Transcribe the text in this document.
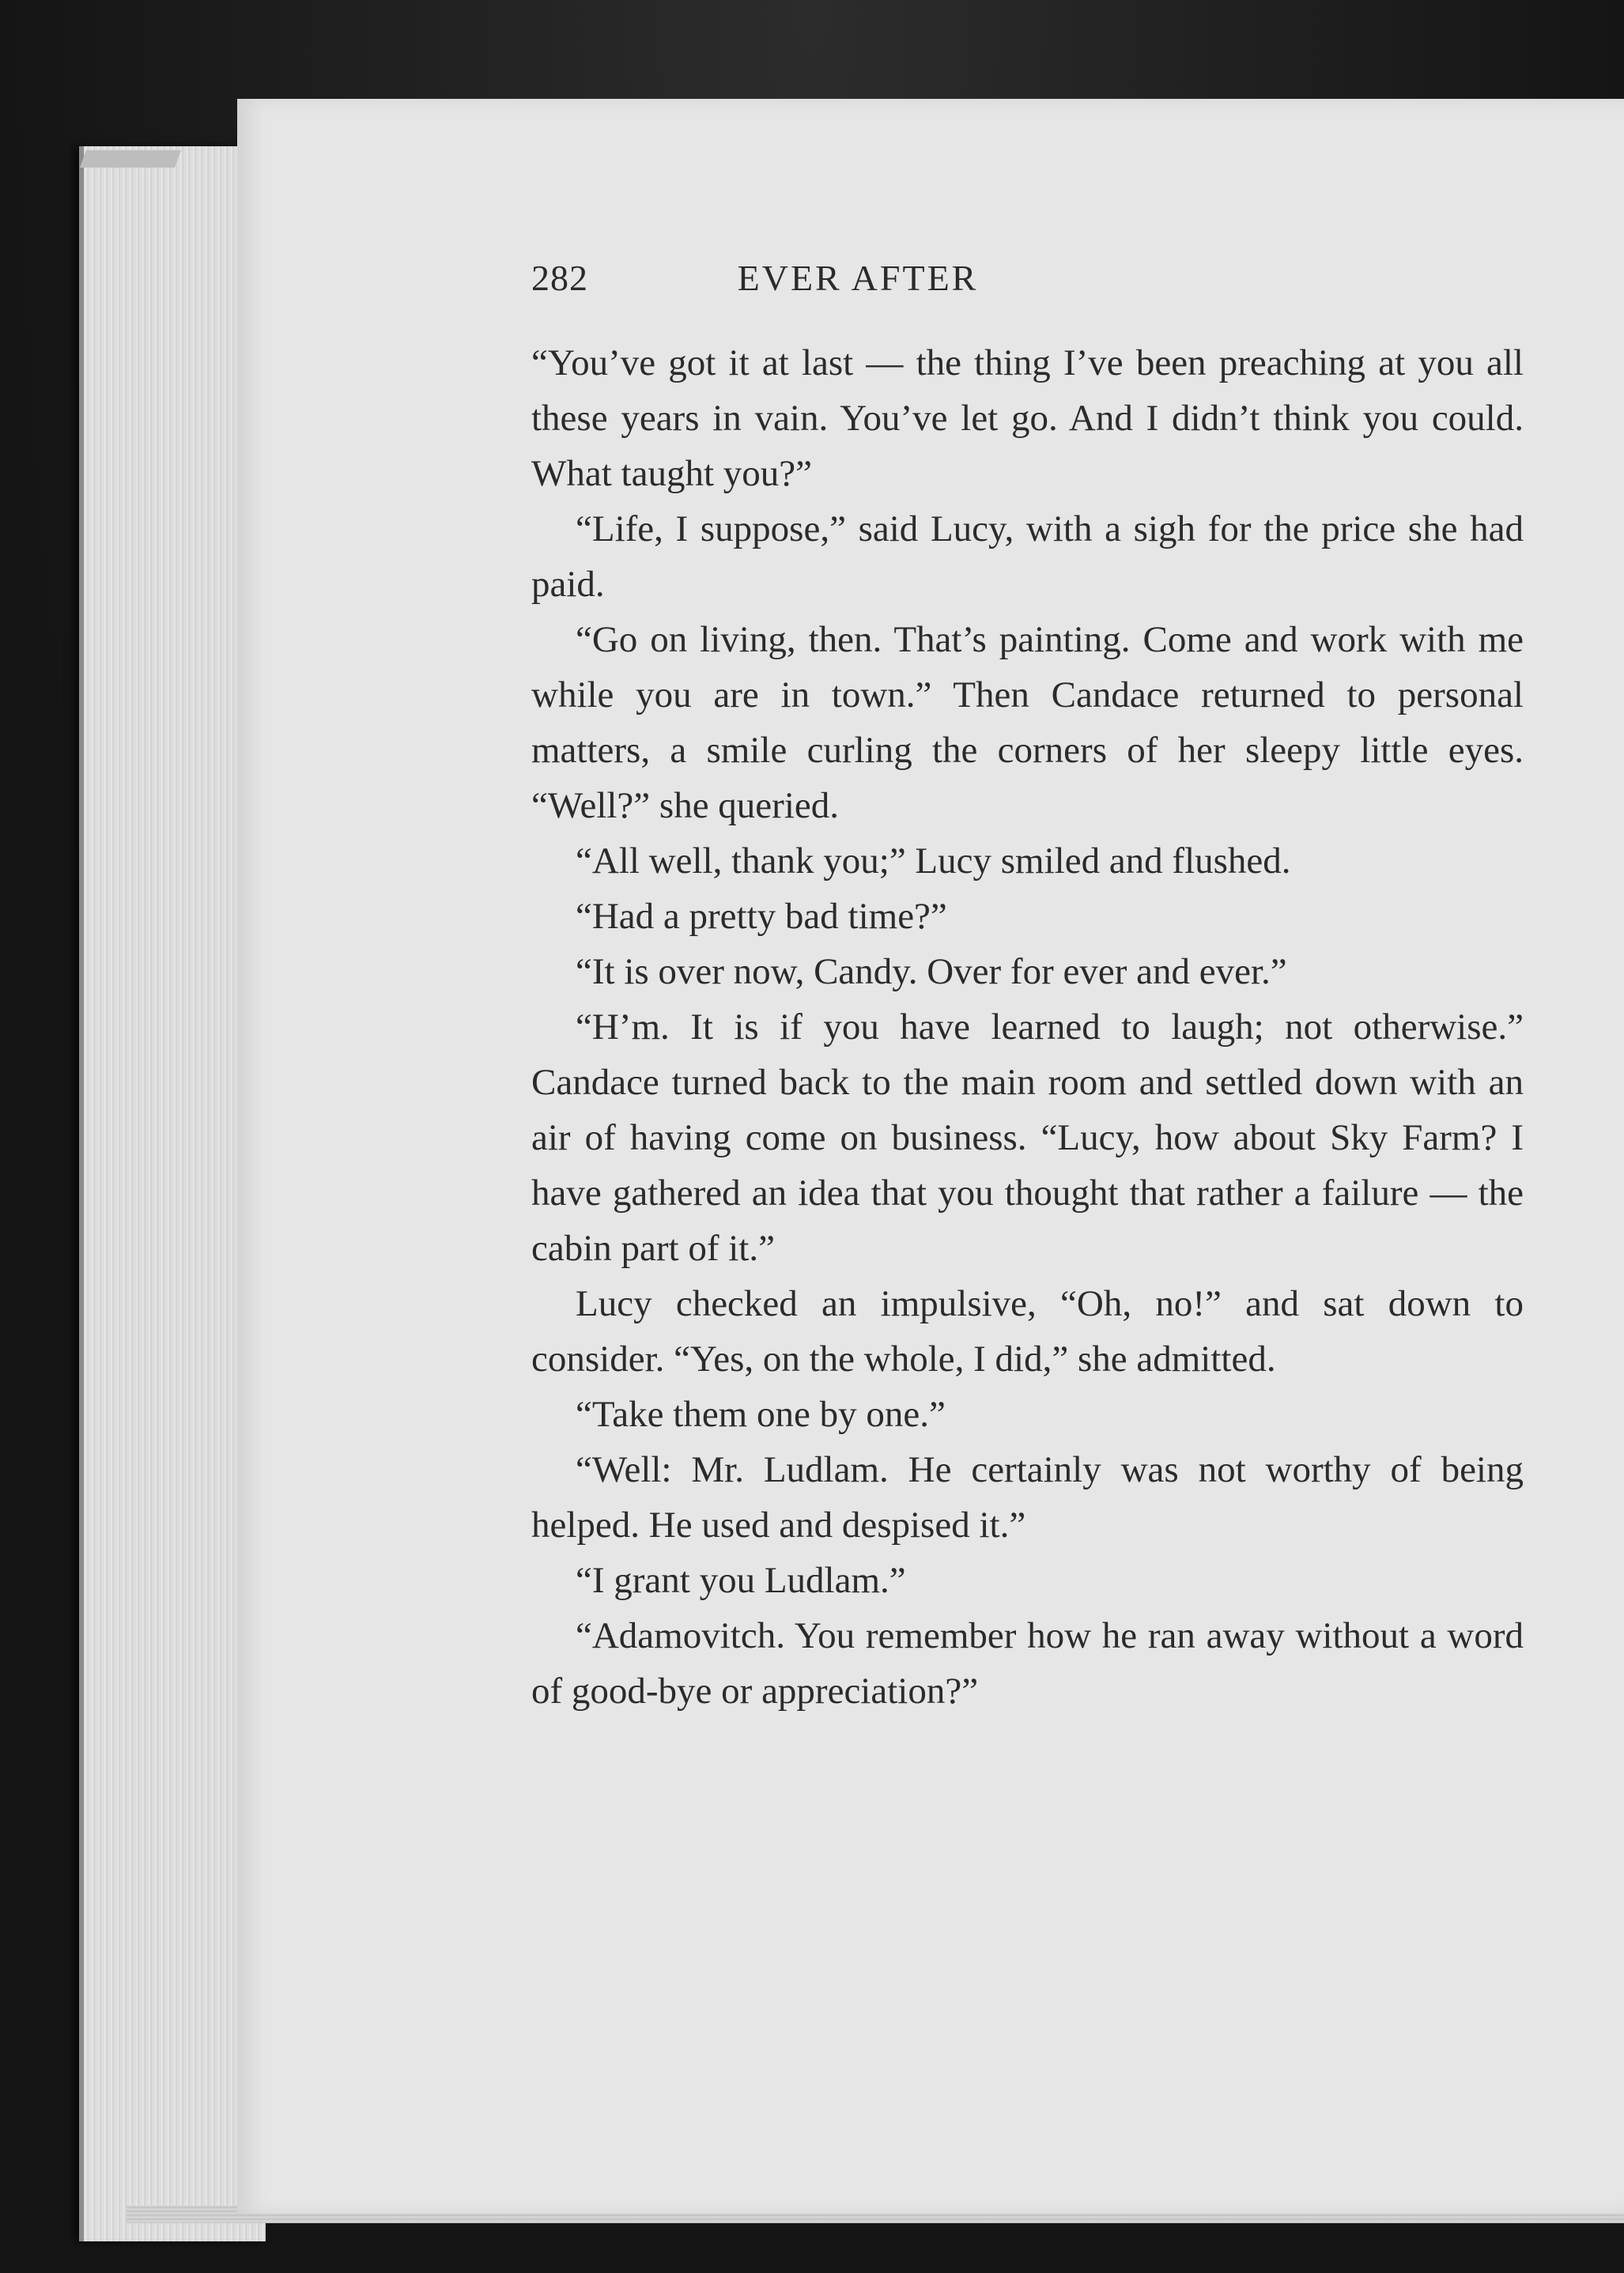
282	EVER AFTER

“You’ve got it at last — the thing I’ve been preaching at you all these years in vain. You’ve let go. And I didn’t think you could. What taught you?”

“Life, I suppose,” said Lucy, with a sigh for the price she had paid.

“Go on living, then. That’s painting. Come and work with me while you are in town.” Then Candace returned to personal matters, a smile curling the corners of her sleepy little eyes. “Well?” she queried.

“All well, thank you;” Lucy smiled and flushed.

“Had a pretty bad time?”

“It is over now, Candy. Over for ever and ever.”

“H’m. It is if you have learned to laugh; not otherwise.” Candace turned back to the main room and settled down with an air of having come on business. “Lucy, how about Sky Farm? I have gathered an idea that you thought that rather a failure — the cabin part of it.”

Lucy checked an impulsive, “Oh, no!” and sat down to consider. “Yes, on the whole, I did,” she admitted.

“Take them one by one.”

“Well: Mr. Ludlam. He certainly was not worthy of being helped. He used and despised it.”

“I grant you Ludlam.”

“Adamovitch. You remember how he ran away without a word of good-bye or appreciation?”
